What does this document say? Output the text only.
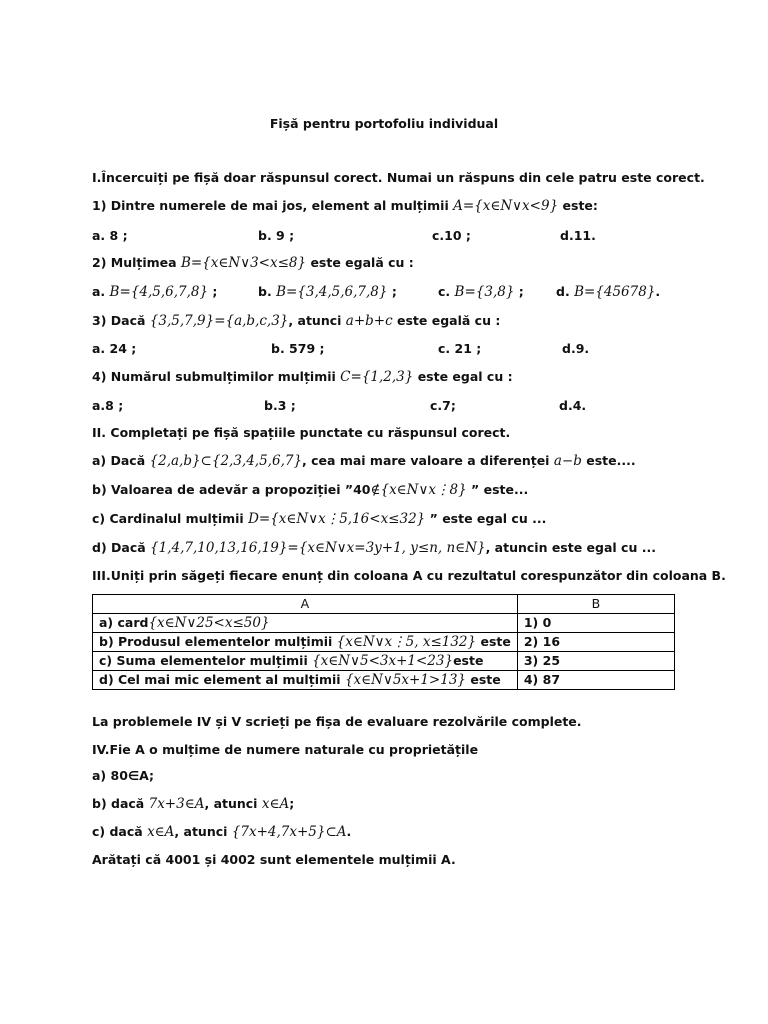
Fișă pentru portofoliu individual
I.Încercuiți pe fișă doar răspunsul corect. Numai un răspuns din cele patru este corect.
1) Dintre numerele de mai jos, element al mulțimii A={x∈N∨x<9} este:
a. 8 ;	b. 9 ;	c.10 ;	d.11.
2) Mulțimea B={x∈N∨3<x≤8} este egală cu :
a. B={4,5,6,7,8} ;	b. B={3,4,5,6,7,8} ;	c. B={3,8} ;	d. B={45678}.
3) Dacă {3,5,7,9}={a,b,c,3}, atunci a+b+c este egală cu :
a. 24 ;	b. 579 ;	c. 21 ;	d.9.
4) Numărul submulțimilor mulțimii C={1,2,3} este egal cu :
a.8 ;	b.3 ;	c.7;	d.4.
II. Completați pe fișă spațiile punctate cu răspunsul corect.
a) Dacă {2,a,b}⊂{2,3,4,5,6,7}, cea mai mare valoare a diferenței a−b este....
b) Valoarea de adevăr a propoziției ”40∉{x∈N∨x⋮8} ” este...
c) Cardinalul mulțimii D={x∈N∨x⋮5,16<x≤32} ” este egal cu ...
d) Dacă {1,4,7,10,13,16,19}={x∈N∨x=3y+1, y≤n, n∈N}, atuncin este egal cu ...
III.Uniți prin săgeți fiecare enunț din coloana A cu rezultatul corespunzător din coloana B.
A	B
a) card{x∈N∨25<x≤50}	1) 0
b) Produsul elementelor mulțimii {x∈N∨x⋮5, x≤132} este	2) 16
c) Suma elementelor mulțimii {x∈N∨5<3x+1<23}este	3) 25
d) Cel mai mic element al mulțimii {x∈N∨5x+1>13} este	4) 87
La problemele IV și V scrieți pe fișa de evaluare rezolvările complete.
IV.Fie A o mulțime de numere naturale cu proprietățile
a) 80∈A;
b) dacă 7x+3∈A, atunci x∈A;
c) dacă x∈A, atunci {7x+4,7x+5}⊂A.
Arătați că 4001 și 4002 sunt elementele mulțimii A.
